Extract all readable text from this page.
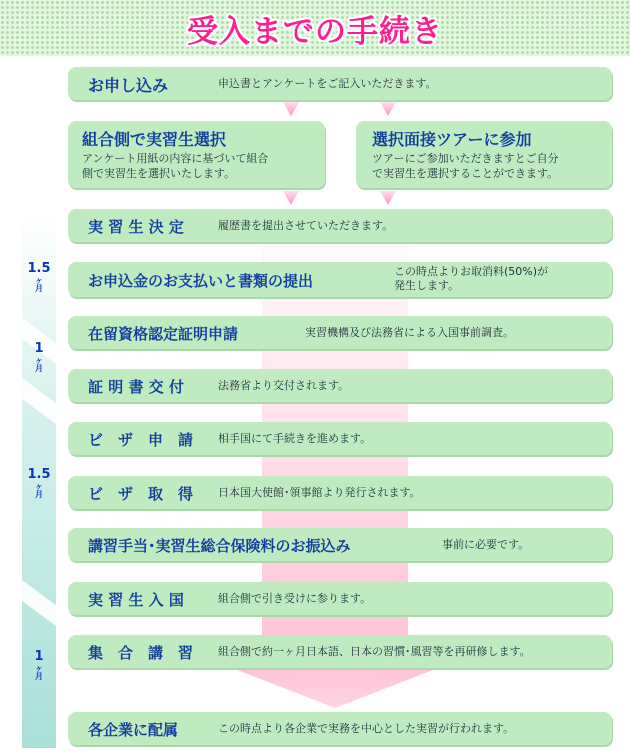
受入までの手続き
1.5
ヶ
月
1
ヶ
月
1.5
ヶ
月
1
ヶ
月
お申し込み	申込書とアンケートをご記入いただきます。
組合側で実習生選択
アンケート用紙の内容に基づいて組合
側で実習生を選択いたします。
選択面接ツアーに参加
ツアーにご参加いただきますとご自分
で実習生を選択することができます。
実 習 生 決 定	履歴書を提出させていただきます。
お申込金のお支払いと書類の提出
この時点よりお取消料(50%)が
発生します。
在留資格認定証明申請	実習機構及び法務省による入国事前調査。
証 明 書 交 付	法務省より交付されます。
ビ　ザ　申　請 相手国にて手続きを進めます。
ビ　ザ　取　得 日本国大使館･領事館より発行されます。
講習手当･実習生総合保険料のお振込み	事前に必要です。
実 習 生 入 国	組合側で引き受けに参ります。
集　合　講　習 組合側で約一ヶ月日本語、日本の習慣･風習等を再研修します。
各企業に配属	この時点より各企業で実務を中心とした実習が行われます。
